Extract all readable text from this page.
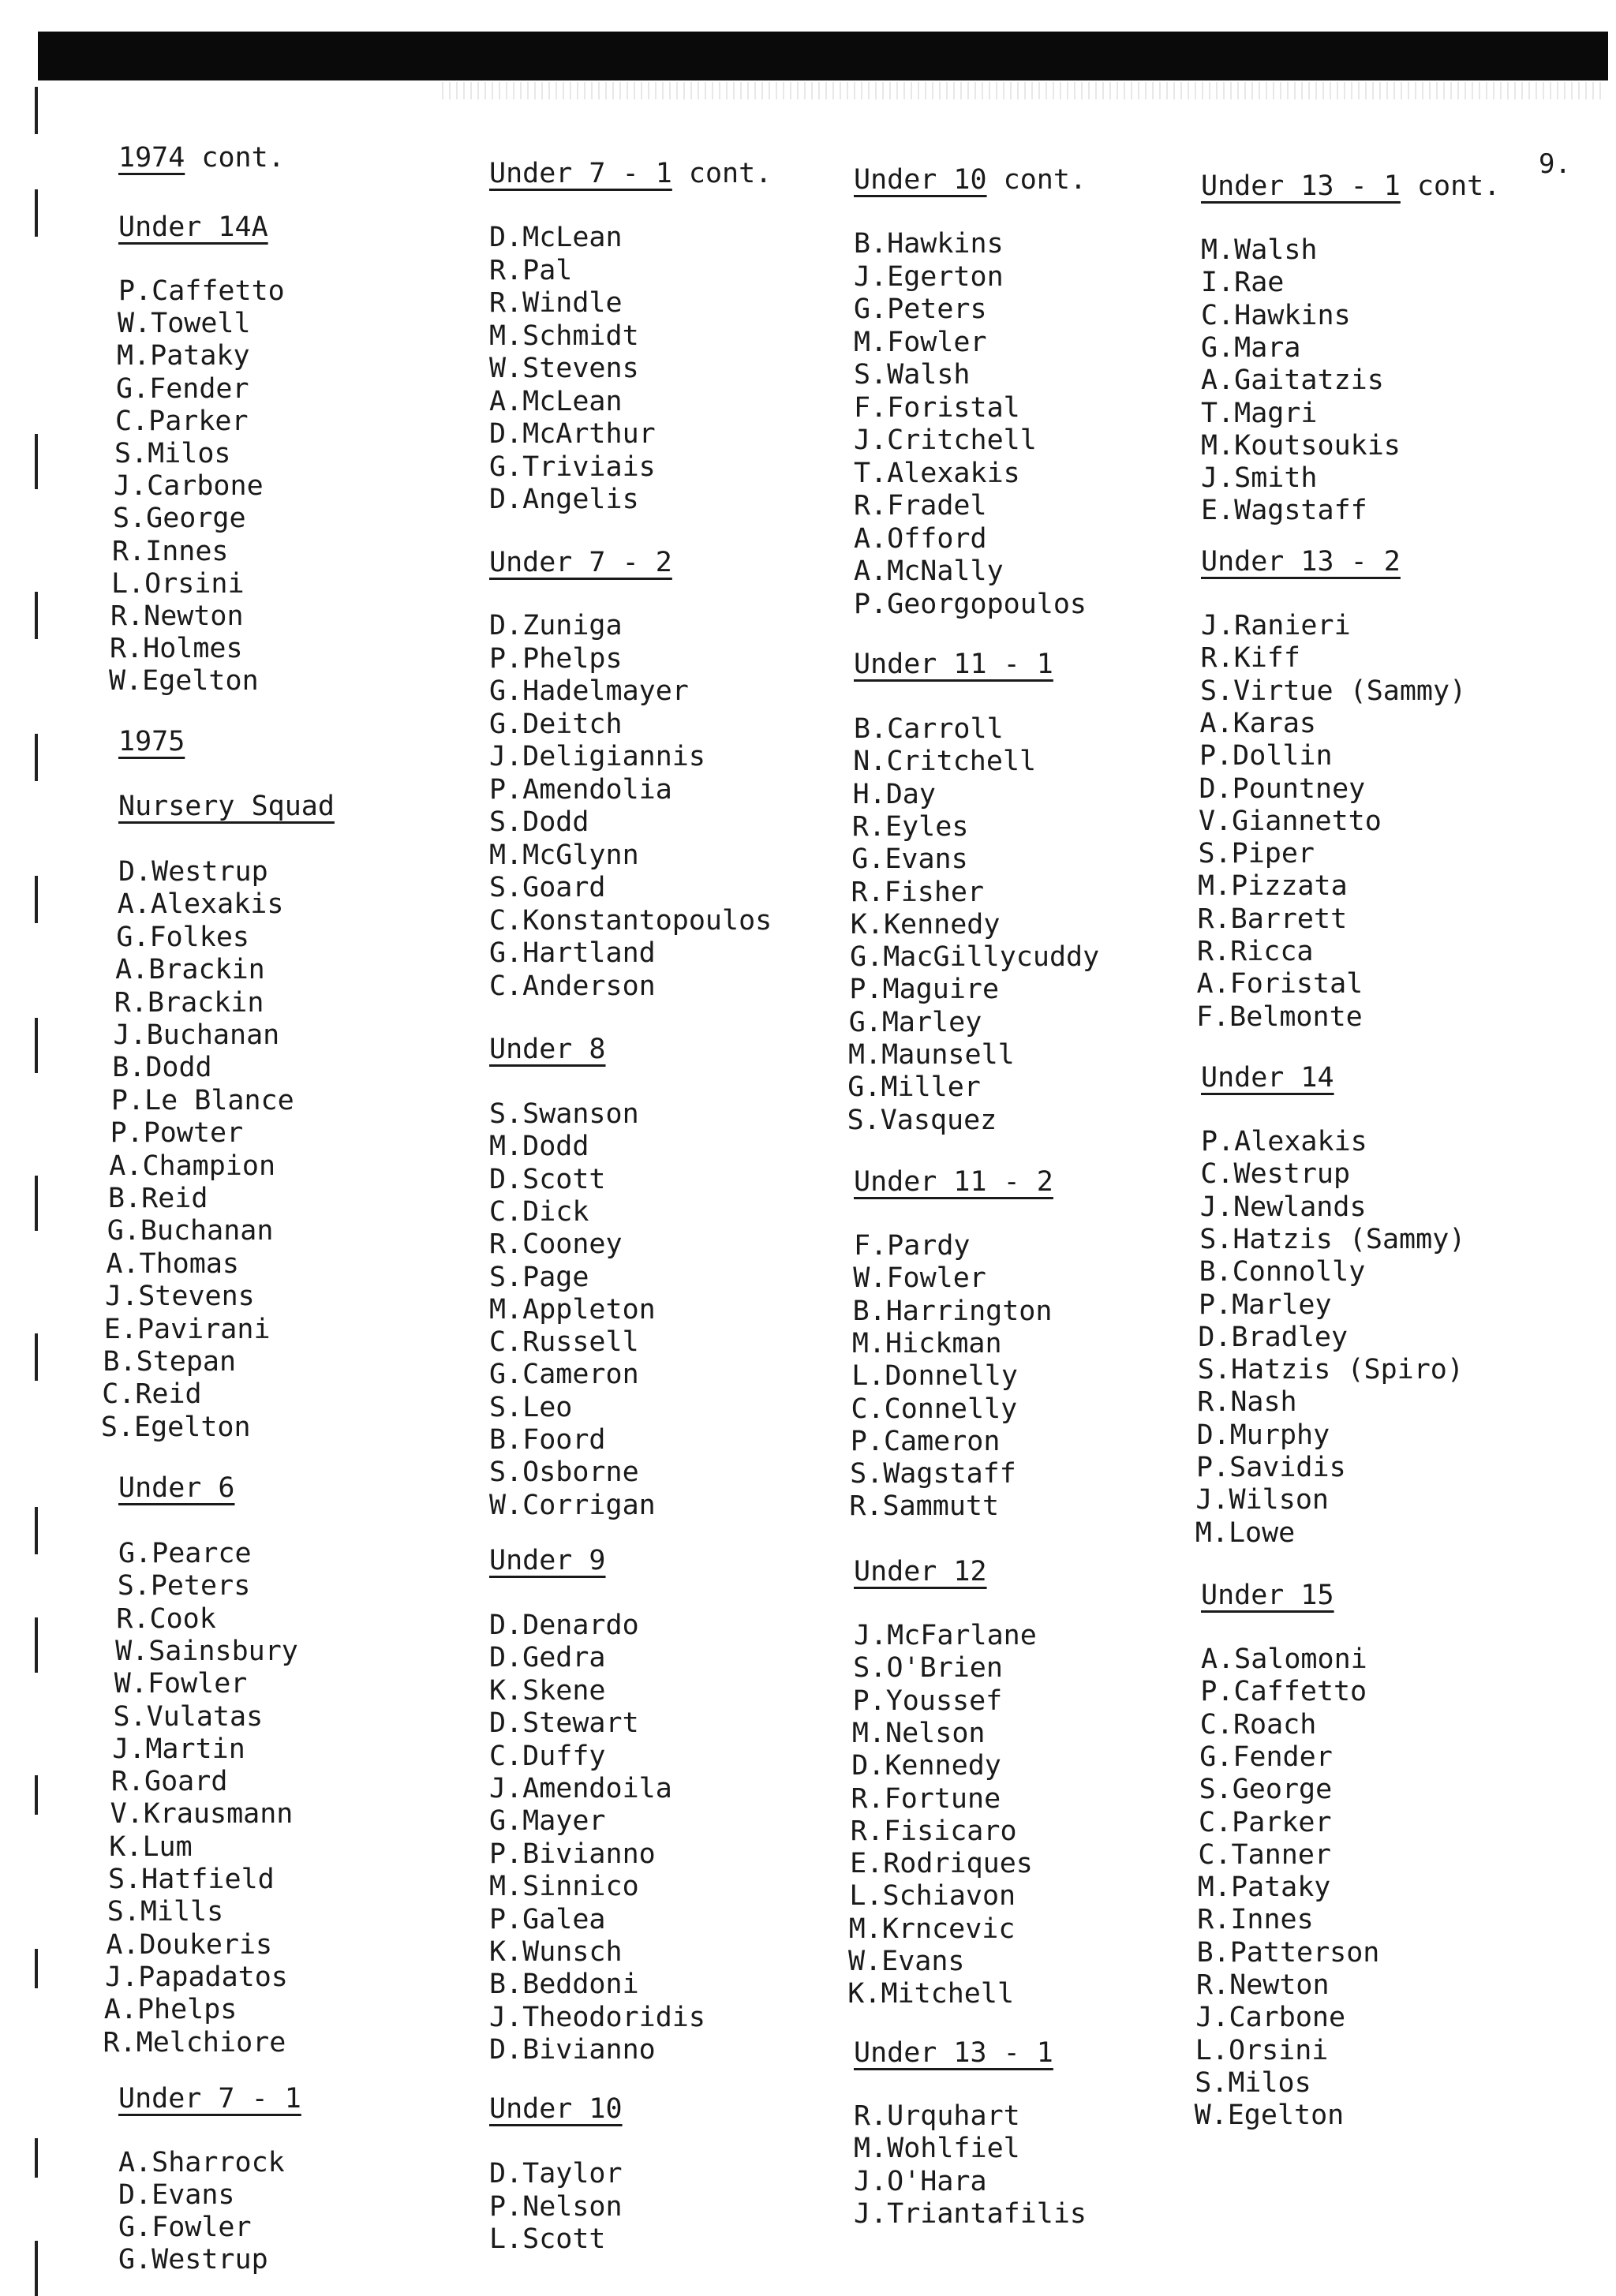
9.
1974 cont.
Under 14A
P.Caffetto
W.Towell
M.Pataky
G.Fender
C.Parker
S.Milos
J.Carbone
S.George
R.Innes
L.Orsini
R.Newton
R.Holmes
W.Egelton
1975
Nursery Squad
D.Westrup
A.Alexakis
G.Folkes
A.Brackin
R.Brackin
J.Buchanan
B.Dodd
P.Le Blance
P.Powter
A.Champion
B.Reid
G.Buchanan
A.Thomas
J.Stevens
E.Pavirani
B.Stepan
C.Reid
S.Egelton
Under 6
G.Pearce
S.Peters
R.Cook
W.Sainsbury
W.Fowler
S.Vulatas
J.Martin
R.Goard
V.Krausmann
K.Lum
S.Hatfield
S.Mills
A.Doukeris
J.Papadatos
A.Phelps
R.Melchiore
Under 7 - 1
A.Sharrock
D.Evans
G.Fowler
G.Westrup
Under 7 - 1 cont.
D.McLean
R.Pal
R.Windle
M.Schmidt
W.Stevens
A.McLean
D.McArthur
G.Triviais
D.Angelis
Under 7 - 2
D.Zuniga
P.Phelps
G.Hadelmayer
G.Deitch
J.Deligiannis
P.Amendolia
S.Dodd
M.McGlynn
S.Goard
C.Konstantopoulos
G.Hartland
C.Anderson
Under 8
S.Swanson
M.Dodd
D.Scott
C.Dick
R.Cooney
S.Page
M.Appleton
C.Russell
G.Cameron
S.Leo
B.Foord
S.Osborne
W.Corrigan
Under 9
D.Denardo
D.Gedra
K.Skene
D.Stewart
C.Duffy
J.Amendoila
G.Mayer
P.Bivianno
M.Sinnico
P.Galea
K.Wunsch
B.Beddoni
J.Theodoridis
D.Bivianno
Under 10
D.Taylor
P.Nelson
L.Scott
Under 10 cont.
B.Hawkins
J.Egerton
G.Peters
M.Fowler
S.Walsh
F.Foristal
J.Critchell
T.Alexakis
R.Fradel
A.Offord
A.McNally
P.Georgopoulos
Under 11 - 1
B.Carroll
N.Critchell
H.Day
R.Eyles
G.Evans
R.Fisher
K.Kennedy
G.MacGillycuddy
P.Maguire
G.Marley
M.Maunsell
G.Miller
S.Vasquez
Under 11 - 2
F.Pardy
W.Fowler
B.Harrington
M.Hickman
L.Donnelly
C.Connelly
P.Cameron
S.Wagstaff
R.Sammutt
Under 12
J.McFarlane
S.O'Brien
P.Youssef
M.Nelson
D.Kennedy
R.Fortune
R.Fisicaro
E.Rodriques
L.Schiavon
M.Krncevic
W.Evans
K.Mitchell
Under 13 - 1
R.Urquhart
M.Wohlfiel
J.O'Hara
J.Triantafilis
Under 13 - 1 cont.
M.Walsh
I.Rae
C.Hawkins
G.Mara
A.Gaitatzis
T.Magri
M.Koutsoukis
J.Smith
E.Wagstaff
Under 13 - 2
J.Ranieri
R.Kiff
S.Virtue (Sammy)
A.Karas
P.Dollin
D.Pountney
V.Giannetto
S.Piper
M.Pizzata
R.Barrett
R.Ricca
A.Foristal
F.Belmonte
Under 14
P.Alexakis
C.Westrup
J.Newlands
S.Hatzis (Sammy)
B.Connolly
P.Marley
D.Bradley
S.Hatzis (Spiro)
R.Nash
D.Murphy
P.Savidis
J.Wilson
M.Lowe
Under 15
A.Salomoni
P.Caffetto
C.Roach
G.Fender
S.George
C.Parker
C.Tanner
M.Pataky
R.Innes
B.Patterson
R.Newton
J.Carbone
L.Orsini
S.Milos
W.Egelton
